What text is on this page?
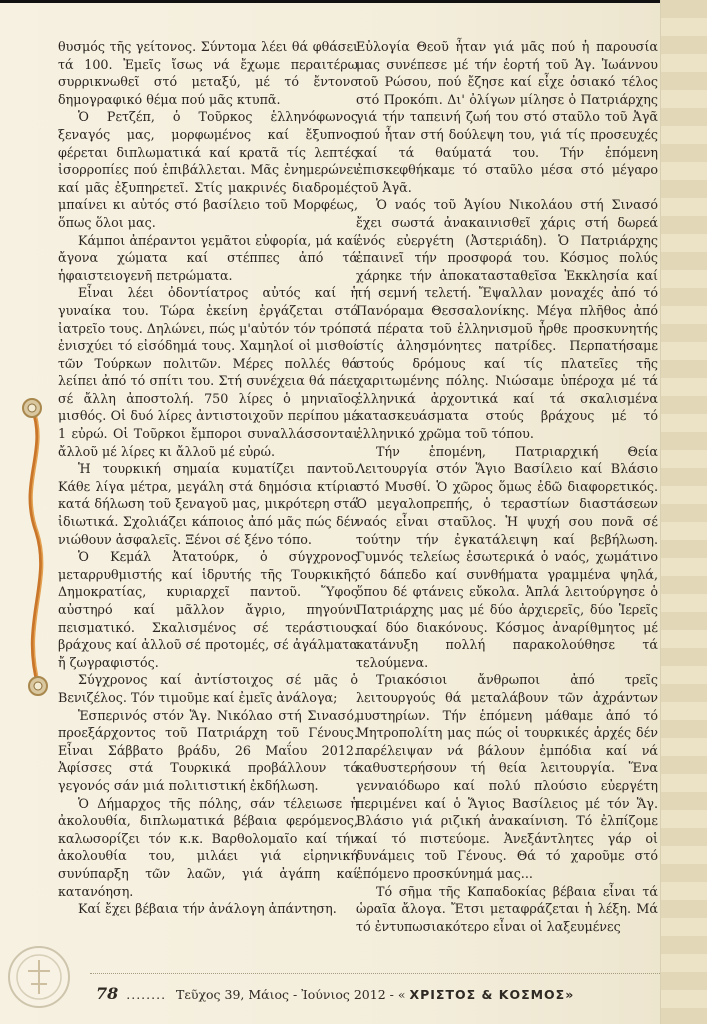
θυσμός τῆς γείτονος. Σύντομα λέει θά φθάσει τά 100. Ἐμεῖς ἴσως νά ἔχωμε περαιτέρω συρρικνωθεῖ στό μεταξύ, μέ τό ἔντονο δημογραφικό θέμα πού μᾶς κτυπᾶ.

Ὁ Ρετζέπ, ὁ Τοῦρκος ἑλληνόφωνος ξεναγός μας, μορφωμένος καί ἔξυπνος φέρεται διπλωματικά καί κρατᾶ τίς λεπτές ἰσορροπίες πού ἐπιβάλλεται. Μᾶς ἐνημερώνει καί μᾶς ἐξυπηρετεῖ. Στίς μακρινές διαδρομές μπαίνει κι αὐτός στό βασίλειο τοῦ Μορφέως, ὅπως ὅλοι μας.

Κάμποι ἀπέραντοι γεμᾶτοι εὐφορία, μά καί ἄγονα χώματα καί στέππες ἀπό τά ἡφαιστειογενῆ πετρώματα.

Εἶναι λέει ὀδοντίατρος αὐτός καί ἡ γυναίκα του. Τώρα ἐκείνη ἐργάζεται στό ἰατρεῖο τους. Δηλώνει, πώς μ'αὐτόν τόν τρόπο ἐνισχύει τό εἰσόδημά τους. Χαμηλοί οἱ μισθοί τῶν Τούρκων πολιτῶν. Μέρες πολλές θά λείπει ἀπό τό σπίτι του. Στή συνέχεια θά πάει σέ ἄλλη ἀποστολή. 750 λίρες ὁ μηνιαῖος μισθός. Οἱ δυό λίρες ἀντιστοιχοῦν περίπου μέ 1 εὐρώ. Οἱ Τοῦρκοι ἔμποροι συναλλάσσονται ἄλλοῦ μέ λίρες κι ἄλλοῦ μέ εὐρώ.

Ἡ τουρκική σημαία κυματίζει παντοῦ. Κάθε λίγα μέτρα, μεγάλη στά δημόσια κτίρια κατά δήλωση τοῦ ξεναγοῦ μας, μικρότερη στά ἰδιωτικά. Σχολιάζει κάποιος ἀπό μᾶς πώς δέν νιώθουν ἀσφαλεῖς. Ξένοι σέ ξένο τόπο.

Ὁ Κεμάλ Ἀτατούρκ, ὁ σύγχρονος μεταρρυθμιστής καί ἱδρυτής τῆς Τουρκικῆς Δημοκρατίας, κυριαρχεῖ παντοῦ. Ὕφος αὐστηρό καί μᾶλλον ἄγριο, πηγούνι πεισματικό. Σκαλισμένος σέ τεράστιους βράχους καί ἀλλοῦ σέ προτομές, σέ ἀγάλματα ἤ ζωγραφιστός.

Σύγχρονος καί ἀντίστοιχος σέ μᾶς ὁ Βενιζέλος. Τόν τιμοῦμε καί ἐμεῖς ἀνάλογα;

Ἑσπερινός στόν Ἅγ. Νικόλαο στή Σινασό, προεξάρχοντος τοῦ Πατριάρχη τοῦ Γένους. Εἶναι Σάββατο βράδυ, 26 Μαΐου 2012. Ἀφίσσες στά Τουρκικά προβάλλουν τό γεγονός σάν μιά πολιτιστική ἐκδήλωση.

Ὁ Δήμαρχος τῆς πόλης, σάν τέλειωσε ἡ ἀκολουθία, διπλωματικά βέβαια φερόμενος, καλωσορίζει τόν κ.κ. Βαρθολομαῖο καί τήν ἀκολουθία του, μιλάει γιά εἰρηνική συνύπαρξη τῶν λαῶν, γιά ἀγάπη καί κατανόηση.

Καί ἔχει βέβαια τήν ἀνάλογη ἀπάντηση.

Εὐλογία Θεοῦ ἦταν γιά μᾶς πού ἡ παρουσία μας συνέπεσε μέ τήν ἑορτή τοῦ Ἁγ. Ἰωάννου τοῦ Ρώσου, πού ἔζησε καί εἶχε ὁσιακό τέλος στό Προκόπι. Δι' ὀλίγων μίλησε ὁ Πατριάρχης γιά τήν ταπεινή ζωή του στό σταῦλο τοῦ Ἀγᾶ πού ἦταν στή δούλεψη του, γιά τίς προσευχές καί τά θαύματά του. Τήν ἑπόμενη ἐπισκεφθήκαμε τό σταῦλο μέσα στό μέγαρο τοῦ Ἀγᾶ.

Ὁ ναός τοῦ Ἁγίου Νικολάου στή Σινασό ἔχει σωστά ἀνακαινισθεῖ χάρις στή δωρεά ἑνός εὐεργέτη (Ἀστεριάδη). Ὁ Πατριάρχης ἐπαινεῖ τήν προσφορά του. Κόσμος πολύς χάρηκε τήν ἀποκατασταθεῖσα Ἐκκλησία καί τή σεμνή τελετή. Ἔψαλλαν μοναχές ἀπό τό Πανόραμα Θεσσαλονίκης. Μέγα πλῆθος ἀπό τά πέρατα τοῦ ἑλληνισμοῦ ἦρθε προσκυνητής στίς ἀλησμόνητες πατρίδες. Περπατήσαμε στούς δρόμους καί τίς πλατεῖες τῆς χαριτωμένης πόλης. Νιώσαμε ὑπέροχα μέ τά ἑλληνικά ἀρχοντικά καί τά σκαλισμένα κατασκευάσματα στούς βράχους μέ τό ἑλληνικό χρῶμα τοῦ τόπου.

Τήν ἑπομένη, Πατριαρχική Θεία Λειτουργία στόν Ἅγιο Βασίλειο καί Βλάσιο στό Μυσθί. Ὁ χῶρος ὅμως ἐδῶ διαφορετικός. Ὁ μεγαλοπρεπής, ὁ τεραστίων διαστάσεων ναός εἶναι σταῦλος. Ἡ ψυχή σου πονᾶ σέ τούτην τήν ἐγκατάλειψη καί βεβήλωση. Γυμνός τελείως ἐσωτερικά ὁ ναός, χωμάτινο τό δάπεδο καί συνθήματα γραμμένα ψηλά, ὅπου δέ φτάνεις εὔκολα. Ἀπλά λειτούργησε ὁ Πατριάρχης μας μέ δύο ἀρχιερεῖς, δύο Ἱερεῖς καί δύο διακόνους. Κόσμος ἀναρίθμητος μέ κατάνυξη πολλή παρακολούθησε τά τελούμενα.

Τριακόσιοι ἄνθρωποι ἀπό τρεῖς λειτουργούς θά μεταλάβουν τῶν ἀχράντων μυστηρίων. Τήν ἑπόμενη μάθαμε ἀπό τό Μητροπολίτη μας πώς οἱ τουρκικές ἀρχές δέν παρέλειψαν νά βάλουν ἐμπόδια καί νά καθυστερήσουν τή θεία λειτουργία. Ἕνα γενναιόδωρο καί πολύ πλούσιο εὐεργέτη περιμένει καί ὁ Ἅγιος Βασίλειος μέ τόν Ἅγ. Βλάσιο γιά ριζική ἀνακαίνιση. Τό ἐλπίζομε καί τό πιστεύομε. Ἀνεξάντλητες γάρ οἱ δυνάμεις τοῦ Γένους. Θά τό χαροῦμε στό ἑπόμενο προσκύνημά μας...

Τό σῆμα τῆς Καπαδοκίας βέβαια εἶναι τά ὡραῖα ἄλογα. Ἔτσι μεταφράζεται ἡ λέξη. Μά τό ἐντυπωσιακότερο εἶναι οἱ λαξευμένες

78 ........ Τεῦχος 39, Μάιος - Ἰούνιος 2012 - « ΧΡΙΣΤΟΣ & ΚΟΣΜΟΣ»
